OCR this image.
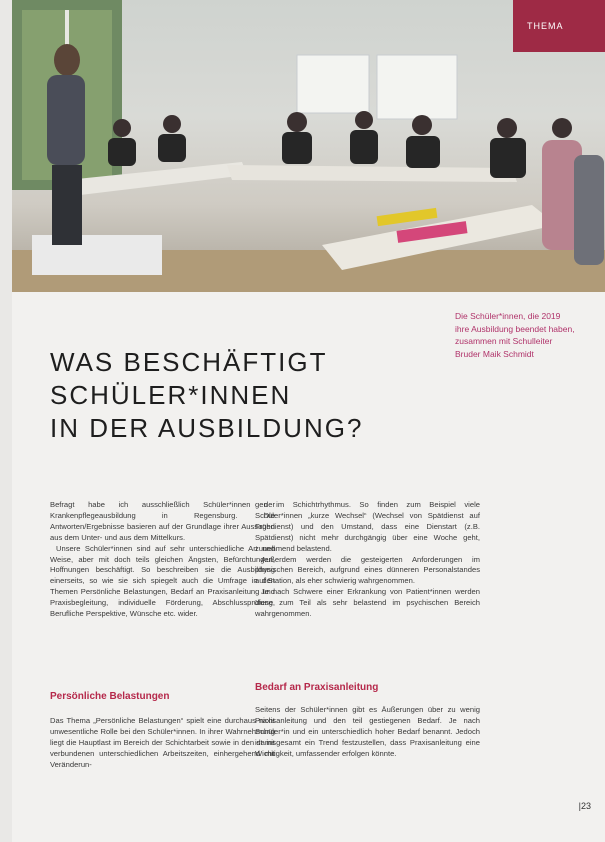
THEMA
Die Schüler*innen, die 2019 ihre Ausbildung beendet haben, zusammen mit Schulleiter Bruder Maik Schmidt
WAS BESCHÄFTIGT
SCHÜLER*INNEN
IN DER AUSBILDUNG?

Befragt habe ich ausschließlich Schüler*innen der Krankenpflegeausbildung in Regensburg. Die Antworten/Ergebnisse basieren auf der Grundlage ihrer Aussagen aus dem Unter- und aus dem Mittelkurs.

Unsere Schüler*innen sind auf sehr unterschiedliche Art und Weise, aber mit doch teils gleichen Ängsten, Befürchtungen, Hoffnungen beschäftigt. So beschreiben sie die Ausbildung einerseits, so wie sie sich spiegelt auch die Umfrage in den Themen Persönliche Belastungen, Bedarf an Praxisanleitung und Praxisbegleitung, individuelle Förderung, Abschlussprüfung, Berufliche Perspektive, Wünsche etc. wider.

gen im Schichtrhythmus. So finden zum Beispiel viele Schüler*innen „kurze Wechsel“ (Wechsel von Spätdienst auf Frühdienst) und den Umstand, dass eine Dienstart (z.B. Spätdienst) nicht mehr durchgängig über eine Woche geht, zunehmend belastend.

Außerdem werden die gesteigerten Anforderungen im physischen Bereich, aufgrund eines dünneren Personalstandes auf Station, als eher schwierig wahrgenommen.

Je nach Schwere einer Erkrankung von Patient*innen werden diese zum Teil als sehr belastend im psychischen Bereich wahrgenommen.

Persönliche Belastungen

Das Thema „Persönliche Belastungen“ spielt eine durchaus nicht unwesentliche Rolle bei den Schüler*innen. In ihrer Wahrnehmung liegt die Hauptlast im Bereich der Schichtarbeit sowie in den damit verbundenen unterschiedlichen Arbeitszeiten, einhergehend mit Veränderun-

Bedarf an Praxisanleitung

Seitens der Schüler*innen gibt es Äußerungen über zu wenig Praxisanleitung und den teil gestiegenen Bedarf. Je nach Schüler*in und ein unterschiedlich hoher Bedarf benannt. Jedoch ist insgesamt ein Trend festzustellen, dass Praxisanleitung eine Wichtigkeit, umfassender erfolgen könnte.

|23
